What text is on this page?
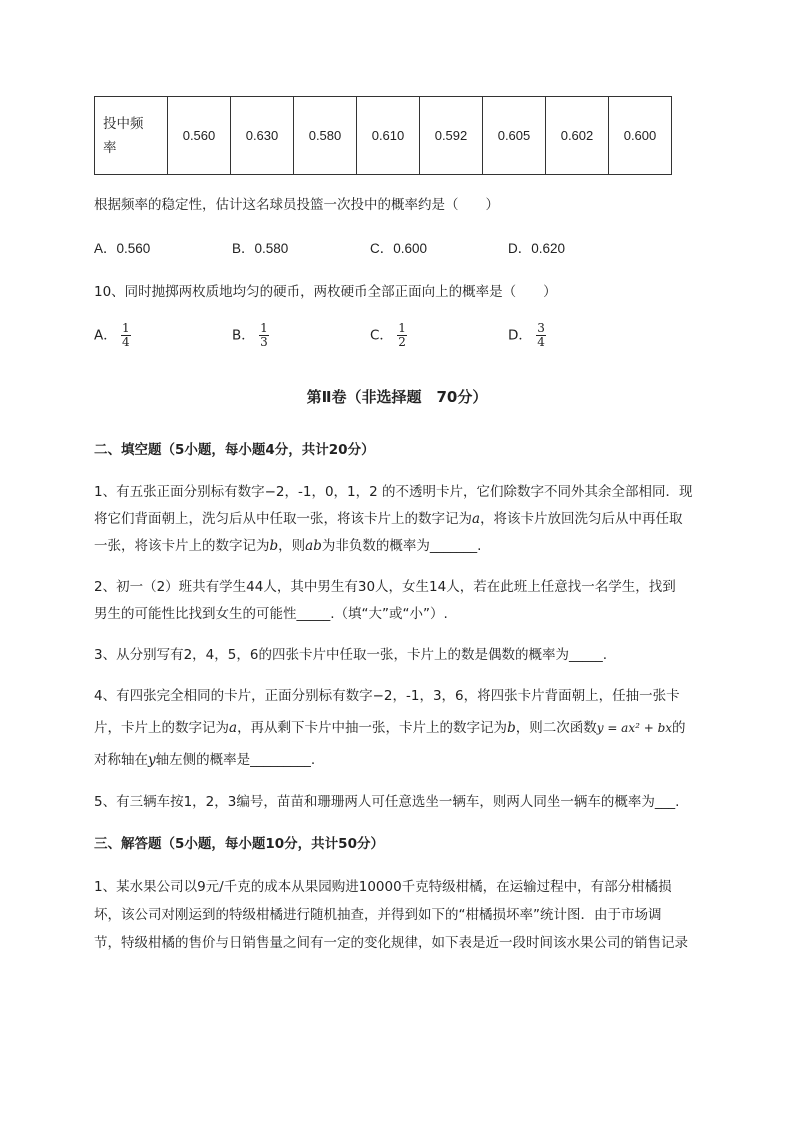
投中频
率	0.560	0.630	0.580	0.610	0.592	0.605	0.602	0.600
根据频率的稳定性，估计这名球员投篮一次投中的概率约是（　　）
A．0.560	B．0.580	C．0.600	D．0.620
10、同时抛掷两枚质地均匀的硬币，两枚硬币全部正面向上的概率是（　　）
A． $\frac{1}{4}$	B． $\frac{1}{3}$	C． $\frac{1}{2}$	D． $\frac{3}{4}$
第Ⅱ卷（非选择题　70分）
二、填空题（5小题，每小题4分，共计20分）
1、有五张正面分别标有数字−2，-1，0，1，2 的不透明卡片，它们除数字不同外其余全部相同．现
将它们背面朝上，洗匀后从中任取一张，将该卡片上的数字记为a，将该卡片放回洗匀后从中再任取
一张，将该卡片上的数字记为b，则ab为非负数的概率为_______.
2、初一（2）班共有学生44人，其中男生有30人，女生14人，若在此班上任意找一名学生，找到
男生的可能性比找到女生的可能性_____.（填“大”或“小”）.
3、从分别写有2，4，5，6的四张卡片中任取一张，卡片上的数是偶数的概率为_____.
4、有四张完全相同的卡片，正面分别标有数字−2，-1，3，6，将四张卡片背面朝上，任抽一张卡
片，卡片上的数字记为a，再从剩下卡片中抽一张，卡片上的数字记为b，则二次函数y = ax² + bx的
对称轴在y轴左侧的概率是_________.
5、有三辆车按1，2，3编号，苗苗和珊珊两人可任意选坐一辆车，则两人同坐一辆车的概率为___.
三、解答题（5小题，每小题10分，共计50分）
1、某水果公司以9元/千克的成本从果园购进10000千克特级柑橘，在运输过程中，有部分柑橘损
坏，该公司对刚运到的特级柑橘进行随机抽查，并得到如下的“柑橘损坏率”统计图．由于市场调
节，特级柑橘的售价与日销售量之间有一定的变化规律，如下表是近一段时间该水果公司的销售记录
